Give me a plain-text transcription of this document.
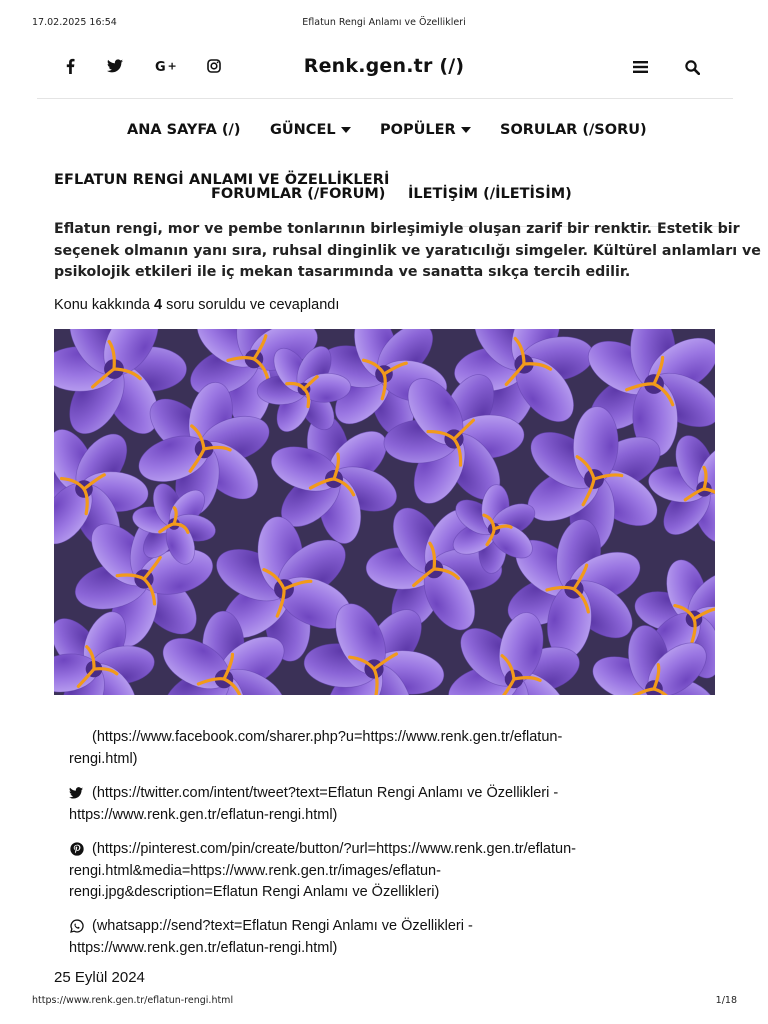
17.02.2025 16:54	Eflatun Rengi Anlamı ve Özellikleri
G +	Renk.gen.tr (/)
ANA SAYFA (/) GÜNCEL	POPÜLER	SORULAR (/SORU)
EFLATUN RENGİ ANLAMI VE ÖZELLİKLERİ
FORUMLAR (/FORUM) İLETİŞİM (/İLETİSİM)
Eflatun rengi, mor ve pembe tonlarının birleşimiyle oluşan zarif bir renktir. Estetik bir
seçenek olmanın yanı sıra, ruhsal dinginlik ve yaratıcılığı simgeler. Kültürel anlamları ve
psikolojik etkileri ile iç mekan tasarımında ve sanatta sıkça tercih edilir.
Konu kakkında 4 soru soruldu ve cevaplandı
(https://www.facebook.com/sharer.php?u=https://www.renk.gen.tr/eflatun-
rengi.html)
(https://twitter.com/intent/tweet?text=Eflatun Rengi Anlamı ve Özellikleri -
https://www.renk.gen.tr/eflatun-rengi.html)
(https://pinterest.com/pin/create/button/?url=https://www.renk.gen.tr/eflatun-
rengi.html&media=https://www.renk.gen.tr/images/eflatun-
rengi.jpg&description=Eflatun Rengi Anlamı ve Özellikleri)
(whatsapp://send?text=Eflatun Rengi Anlamı ve Özellikleri -
https://www.renk.gen.tr/eflatun-rengi.html)
25 Eylül 2024
https://www.renk.gen.tr/eflatun-rengi.html	1/18
